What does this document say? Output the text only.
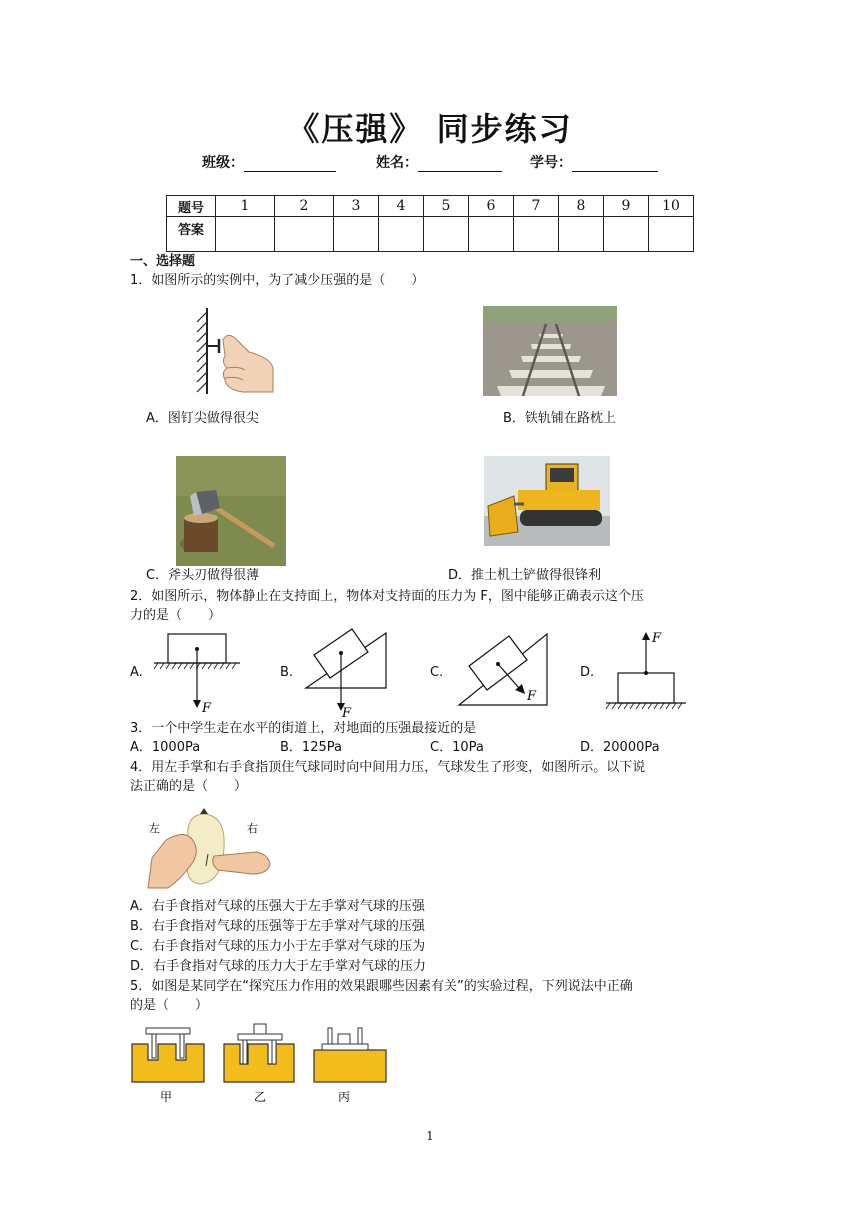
《压强》 同步练习
班级：	姓名：	学号：
题号	1	2	3	4	5	6	7	8	9	10
答案										
一、选择题
1．如图所示的实例中，为了减少压强的是（　　）
A．图钉尖做得很尖	B．铁轨铺在路枕上
C．斧头刃做得很薄	D．推土机土铲做得很锋利
2．如图所示，物体静止在支持面上，物体对支持面的压力为 F，图中能够正确表示这个压
力的是（　　）
A.
F
B.
F
C.
F
D.
F
3．一个中学生走在水平的街道上，对地面的压强最接近的是
A．1000Pa	B．125Pa	C．10Pa	D．20000Pa
4．用左手掌和右手食指顶住气球同时向中间用力压，气球发生了形变，如图所示。以下说
法正确的是（　　）
左	右
A．右手食指对气球的压强大于左手掌对气球的压强
B．右手食指对气球的压强等于左手掌对气球的压强
C．右手食指对气球的压力小于左手掌对气球的压为
D．右手食指对气球的压力大于左手掌对气球的压力
5．如图是某同学在“探究压力作用的效果跟哪些因素有关”的实验过程，下列说法中正确
的是（　　）
甲	乙	丙
1
